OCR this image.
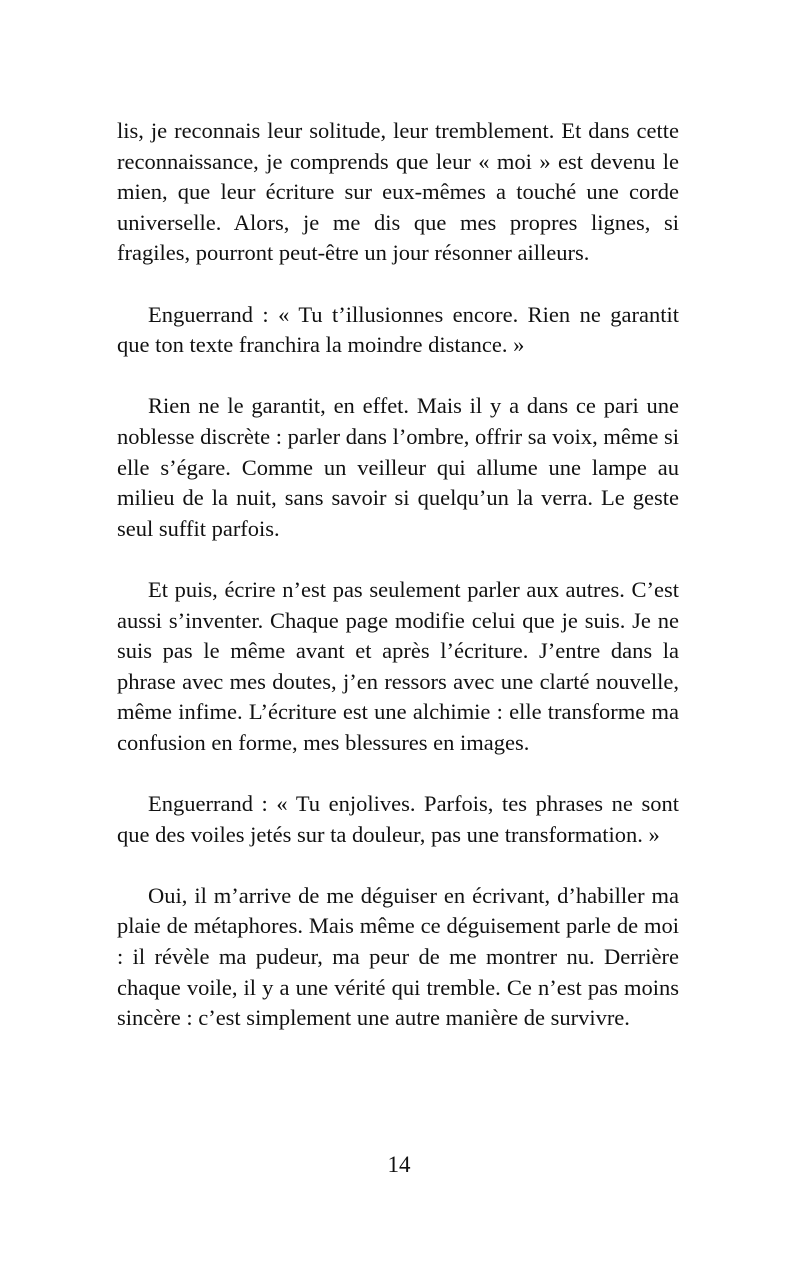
lis, je reconnais leur solitude, leur tremblement. Et dans cette reconnaissance, je comprends que leur « moi » est devenu le mien, que leur écriture sur eux-mêmes a touché une corde universelle. Alors, je me dis que mes propres lignes, si fragiles, pourront peut-être un jour résonner ailleurs.

Enguerrand : « Tu t’illusionnes encore. Rien ne garantit que ton texte franchira la moindre distance. »

Rien ne le garantit, en effet. Mais il y a dans ce pari une noblesse discrète : parler dans l’ombre, offrir sa voix, même si elle s’égare. Comme un veilleur qui allume une lampe au milieu de la nuit, sans savoir si quelqu’un la verra. Le geste seul suffit parfois.

Et puis, écrire n’est pas seulement parler aux autres. C’est aussi s’inventer. Chaque page modifie celui que je suis. Je ne suis pas le même avant et après l’écriture. J’entre dans la phrase avec mes doutes, j’en ressors avec une clarté nouvelle, même infime. L’écriture est une alchimie : elle transforme ma confusion en forme, mes blessures en images.

Enguerrand : « Tu enjolives. Parfois, tes phrases ne sont que des voiles jetés sur ta douleur, pas une transformation. »

Oui, il m’arrive de me déguiser en écrivant, d’habiller ma plaie de métaphores. Mais même ce déguisement parle de moi : il révèle ma pudeur, ma peur de me montrer nu. Derrière chaque voile, il y a une vérité qui tremble. Ce n’est pas moins sincère : c’est simplement une autre manière de survivre.

14
